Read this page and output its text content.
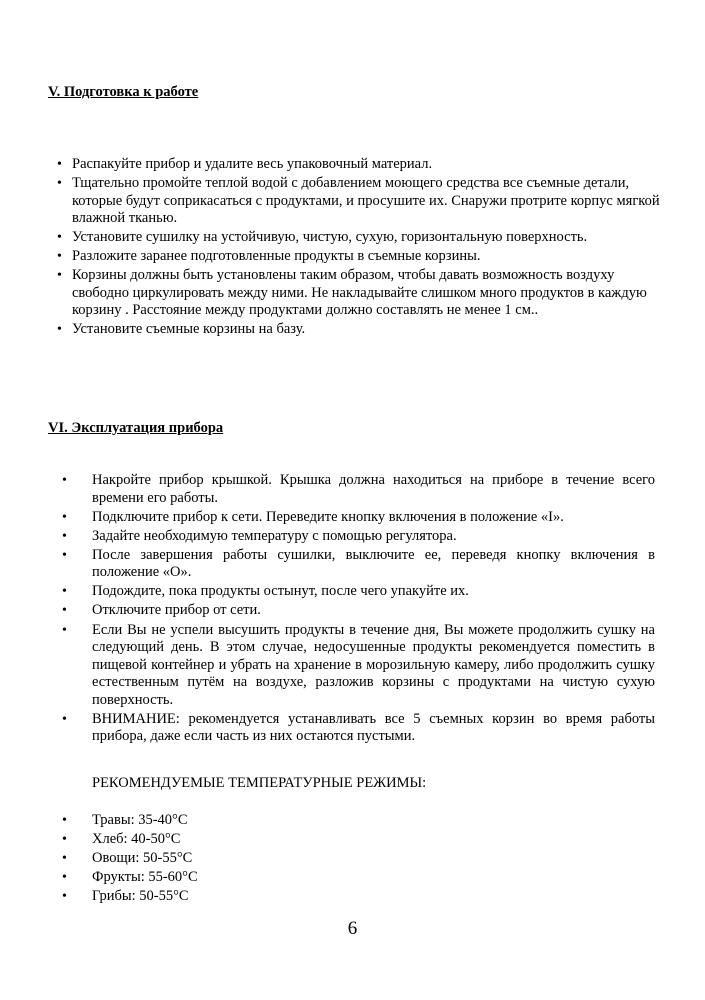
V. Подготовка к работе
• Распакуйте прибор и удалите весь упаковочный материал.
• Тщательно промойте теплой водой с добавлением моющего средства все съемные детали, которые будут соприкасаться с продуктами, и просушите их. Снаружи протрите корпус мягкой влажной тканью.
• Установите сушилку на устойчивую, чистую, сухую, горизонтальную поверхность.
• Разложите заранее подготовленные продукты в съемные корзины.
• Корзины должны быть установлены таким образом, чтобы давать возможность воздуху свободно циркулировать между ними. Не накладывайте слишком много продуктов в каждую корзину . Расстояние между продуктами должно составлять не менее 1 см..
• Установите съемные корзины на базу.
VI. Эксплуатация прибора
• Накройте прибор крышкой. Крышка должна находиться на приборе в течение всего времени его работы.
• Подключите прибор к сети. Переведите кнопку включения в положение «I».
• Задайте необходимую температуру с помощью регулятора.
• После завершения работы сушилки, выключите ее, переведя кнопку включения в положение «O».
• Подождите, пока продукты остынут, после чего упакуйте их.
• Отключите прибор от сети.
• Если Вы не успели высушить продукты в течение дня, Вы можете продолжить сушку на следующий день. В этом случае, недосушенные продукты рекомендуется поместить в пищевой контейнер и убрать на хранение в морозильную камеру, либо продолжить сушку естественным путём на воздухе, разложив корзины с продуктами на чистую сухую поверхность.
• ВНИМАНИЕ: рекомендуется устанавливать все 5 съемных корзин во время работы прибора, даже если часть из них остаются пустыми.

РЕКОМЕНДУЕМЫЕ ТЕМПЕРАТУРНЫЕ РЕЖИМЫ:

• Травы: 35-40°С
• Хлеб: 40-50°С
• Овощи: 50-55°С
• Фрукты: 55-60°С
• Грибы: 50-55°С

6
